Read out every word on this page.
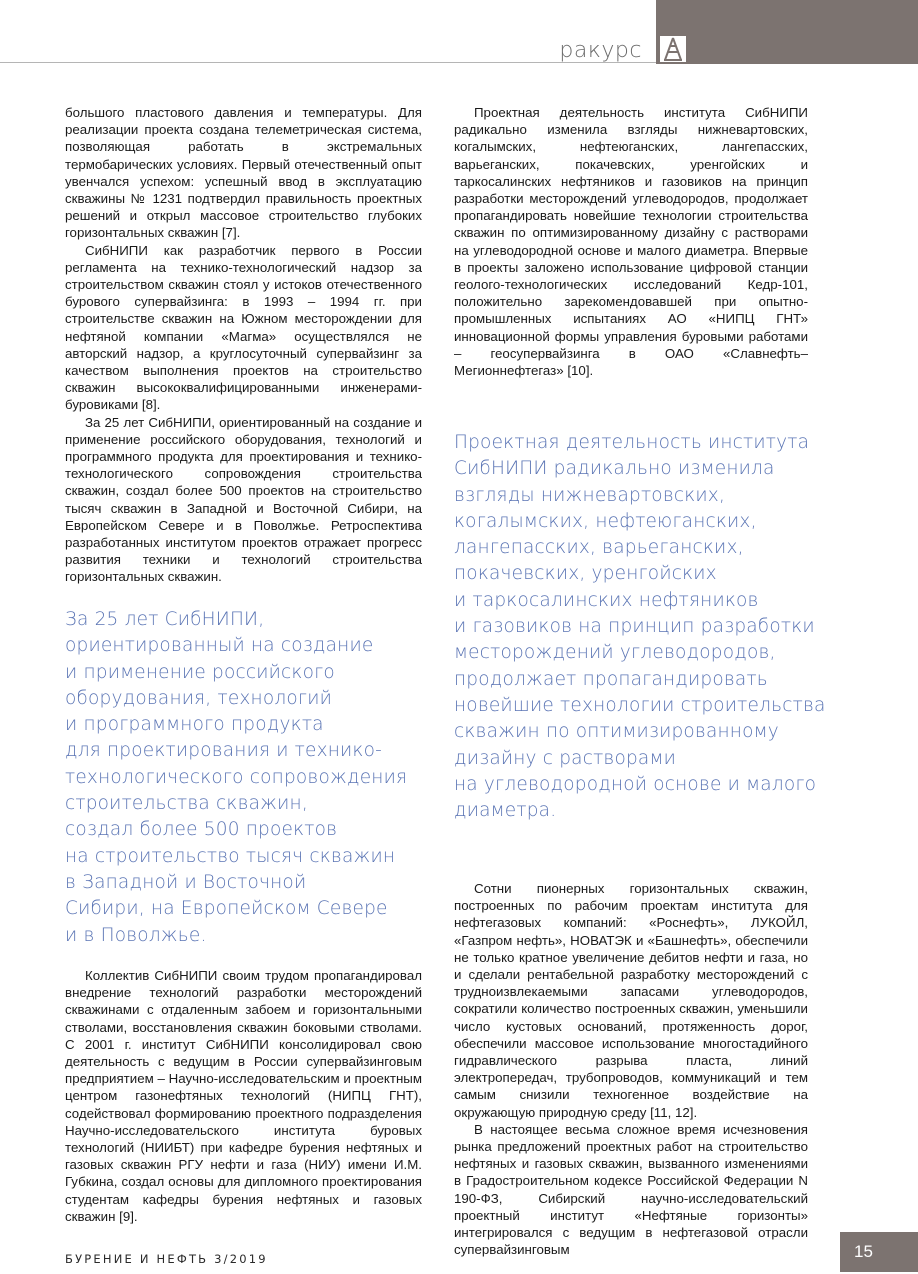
ракурс

большого пластового давления и температуры. Для реализации проекта создана телеметрическая система, позволяющая работать в экстремальных термобарических условиях. Первый отечественный опыт увенчался успехом: успешный ввод в эксплуатацию скважины № 1231 подтвердил правильность проектных решений и открыл массовое строительство глубоких горизонтальных скважин [7].

СибНИПИ как разработчик первого в России регламента на технико-технологический надзор за строительством скважин стоял у истоков отечественного бурового супервайзинга: в 1993 – 1994 гг. при строительстве скважин на Южном месторождении для нефтяной компании «Магма» осуществлялся не авторский надзор, а круглосуточный супервайзинг за качеством выполнения проектов на строительство скважин высококвалифицированными инженерами-буровиками [8].

За 25 лет СибНИПИ, ориентированный на создание и применение российского оборудования, технологий и программного продукта для проектирования и технико-технологического сопровождения строительства скважин, создал более 500 проектов на строительство тысяч скважин в Западной и Восточной Сибири, на Европейском Севере и в Поволжье. Ретроспектива разработанных институтом проектов отражает прогресс развития техники и технологий строительства горизонтальных скважин.

За 25 лет СибНИПИ,
ориентированный на создание
и применение российского
оборудования, технологий
и программного продукта
для проектирования и технико-
технологического сопровождения
строительства скважин,
создал более 500 проектов
на строительство тысяч скважин
в Западной и Восточной
Сибири, на Европейском Севере
и в Поволжье.

Коллектив СибНИПИ своим трудом пропагандировал внедрение технологий разработки месторождений скважинами с отдаленным забоем и горизонтальными стволами, восстановления скважин боковыми стволами. С 2001 г. институт СибНИПИ консолидировал свою деятельность с ведущим в России супервайзинговым предприятием – Научно-исследовательским и проектным центром газонефтяных технологий (НИПЦ ГНТ), содействовал формированию проектного подразделения Научно-исследовательского института буровых технологий (НИИБТ) при кафедре бурения нефтяных и газовых скважин РГУ нефти и газа (НИУ) имени И.М. Губкина, создал основы для дипломного проектирования студентам кафедры бурения нефтяных и газовых скважин [9].

Проектная деятельность института СибНИПИ радикально изменила взгляды нижневартовских, когалымских, нефтеюганских, лангепасских, варьеганских, покачевских, уренгойских и таркосалинских нефтяников и газовиков на принцип разработки месторождений углеводородов, продолжает пропагандировать новейшие технологии строительства скважин по оптимизированному дизайну с растворами на углеводородной основе и малого диаметра. Впервые в проекты заложено использование цифровой станции геолого-технологических исследований Кедр-101, положительно зарекомендовавшей при опытно-промышленных испытаниях АО «НИПЦ ГНТ» инновационной формы управления буровыми работами – геосупервайзинга в ОАО «Славнефть–Мегионнефтегаз» [10].

Проектная деятельность института
СибНИПИ радикально изменила
взгляды нижневартовских,
когалымских, нефтеюганских,
лангепасских, варьеганских,
покачевских, уренгойских
и таркосалинских нефтяников
и газовиков на принцип разработки
месторождений углеводородов,
продолжает пропагандировать
новейшие технологии строительства
скважин по оптимизированному
дизайну с растворами
на углеводородной основе и малого
диаметра.

Сотни пионерных горизонтальных скважин, построенных по рабочим проектам института для нефтегазовых компаний: «Роснефть», ЛУКОЙЛ, «Газпром нефть», НОВАТЭК и «Башнефть», обеспечили не только кратное увеличение дебитов нефти и газа, но и сделали рентабельной разработку месторождений с трудноизвлекаемыми запасами углеводородов, сократили количество построенных скважин, уменьшили число кустовых оснований, протяженность дорог, обеспечили массовое использование многостадийного гидравлического разрыва пласта, линий электропередач, трубопроводов, коммуникаций и тем самым снизили техногенное воздействие на окружающую природную среду [11, 12].

В настоящее весьма сложное время исчезновения рынка предложений проектных работ на строительство нефтяных и газовых скважин, вызванного изменениями в Градостроительном кодексе Российской Федерации N 190-ФЗ, Сибирский научно-исследовательский проектный институт «Нефтяные горизонты» интегрировался с ведущим в нефтегазовой отрасли супервайзинговым	15
БУРЕНИЕ И НЕФТЬ 3/2019
